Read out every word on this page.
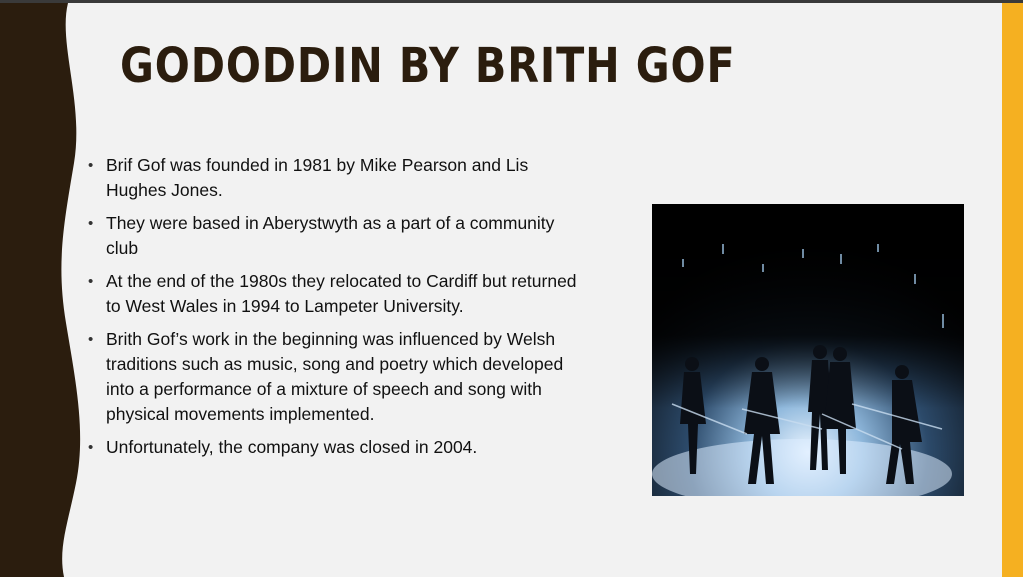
GODODDIN BY BRITH GOF
• Brif Gof was founded in 1981 by Mike Pearson and Lis Hughes Jones.
• They were based in Aberystwyth as a part of a community club
• At the end of the 1980s they relocated to Cardiff but returned to West Wales in 1994 to Lampeter University.
• Brith Gof’s work in the beginning was influenced by Welsh traditions such as music, song and poetry which developed into a performance of a mixture of speech and song with physical movements implemented.
• Unfortunately, the company was closed in 2004.
